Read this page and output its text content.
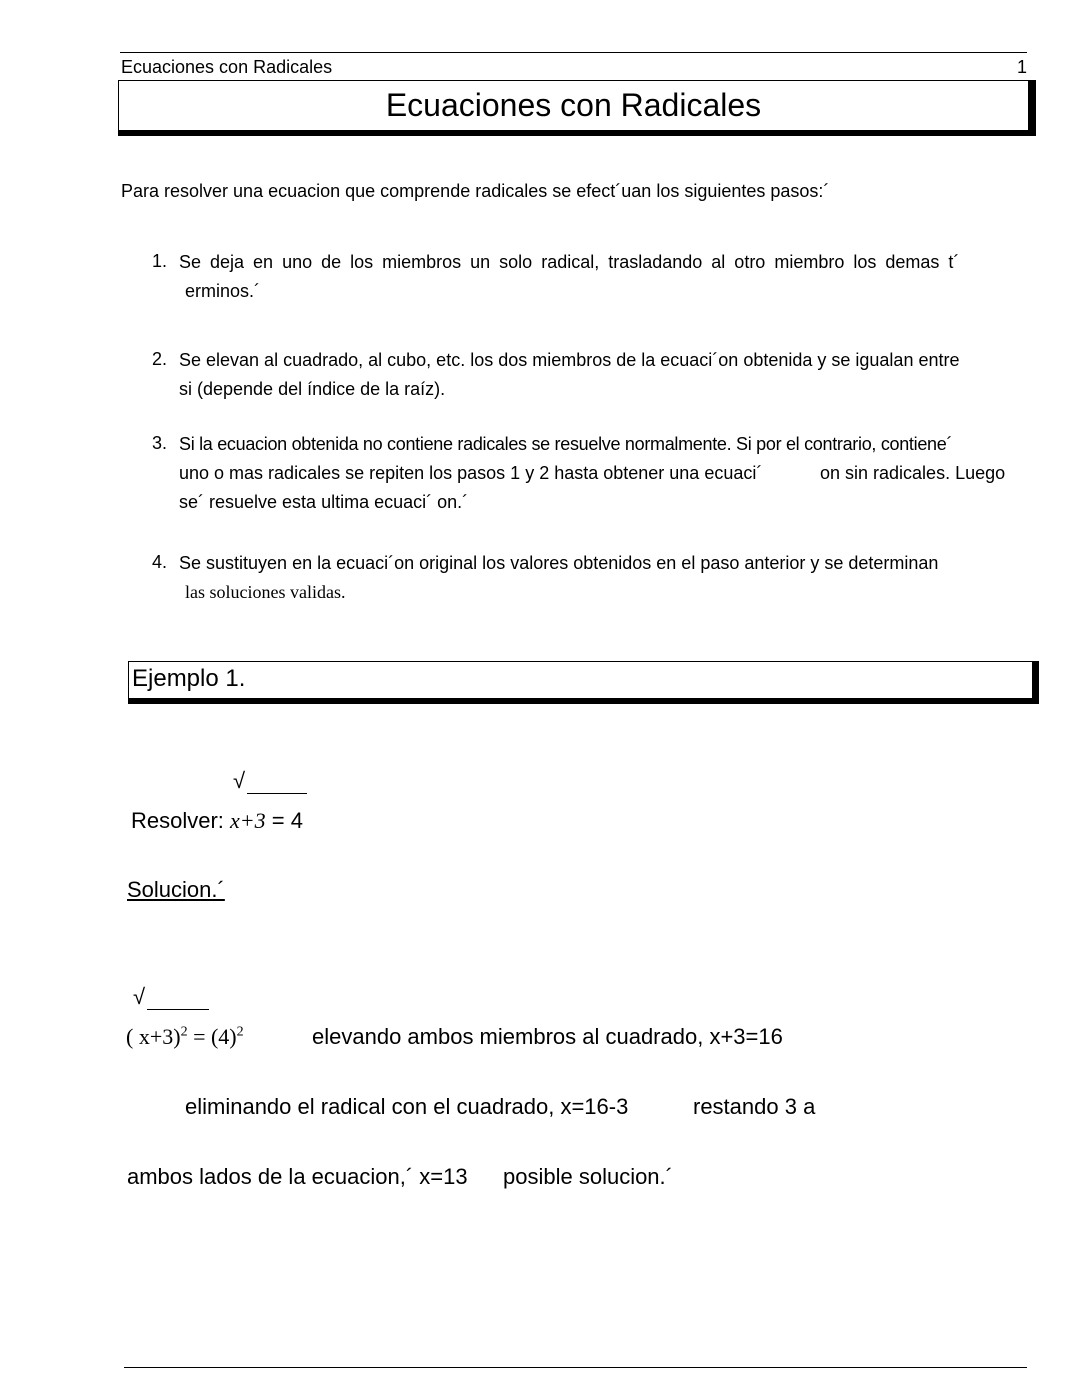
Ecuaciones con Radicales	1
Ecuaciones con Radicales
Para resolver una ecuacion que comprende radicales se efect´uan los siguientes pasos:´
1. Se deja en uno de los miembros un solo radical, trasladando al otro miembro los demas t´
erminos.´
2. Se elevan al cuadrado, al cubo, etc. los dos miembros de la ecuaci´on obtenida y se igualan entre
si (depende del índice de la raíz).
3. Si la ecuacion obtenida no contiene radicales se resuelve normalmente. Si por el contrario, contiene´
uno o mas radicales se repiten los pasos 1 y 2 hasta obtener una ecuaci´	on sin radicales. Luego
se´ resuelve esta ultima ecuaci´ on.´
4. Se sustituyen en la ecuaci´on original los valores obtenidos en el paso anterior y se determinan
las soluciones validas.
Ejemplo 1.
√
Resolver: x+3 = 4
Solucion.´
√
( $x+3)^2 = (4)^2$	elevando ambos miembros al cuadrado, x+3=16
eliminando el radical con el cuadrado, x=16-3	restando 3 a
ambos lados de la ecuacion,´ x=13 posible solucion.´
